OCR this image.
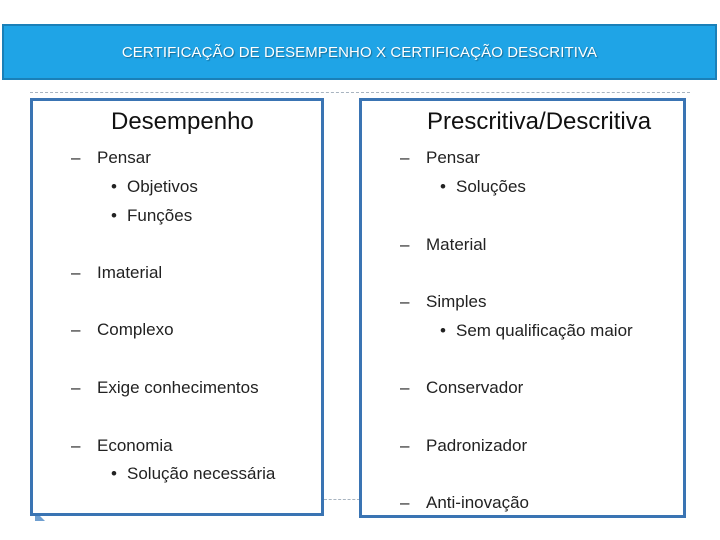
CERTIFICAÇÃO DE DESEMPENHO X CERTIFICAÇÃO DESCRITIVA
Desempenho
– Pensar
• Objetivos
• Funções
– Imaterial
– Complexo
– Exige conhecimentos
– Economia
• Solução necessária
Prescritiva/Descritiva
– Pensar
• Soluções
– Material
– Simples
• Sem qualificação maior
– Conservador
– Padronizador
– Anti-inovação
